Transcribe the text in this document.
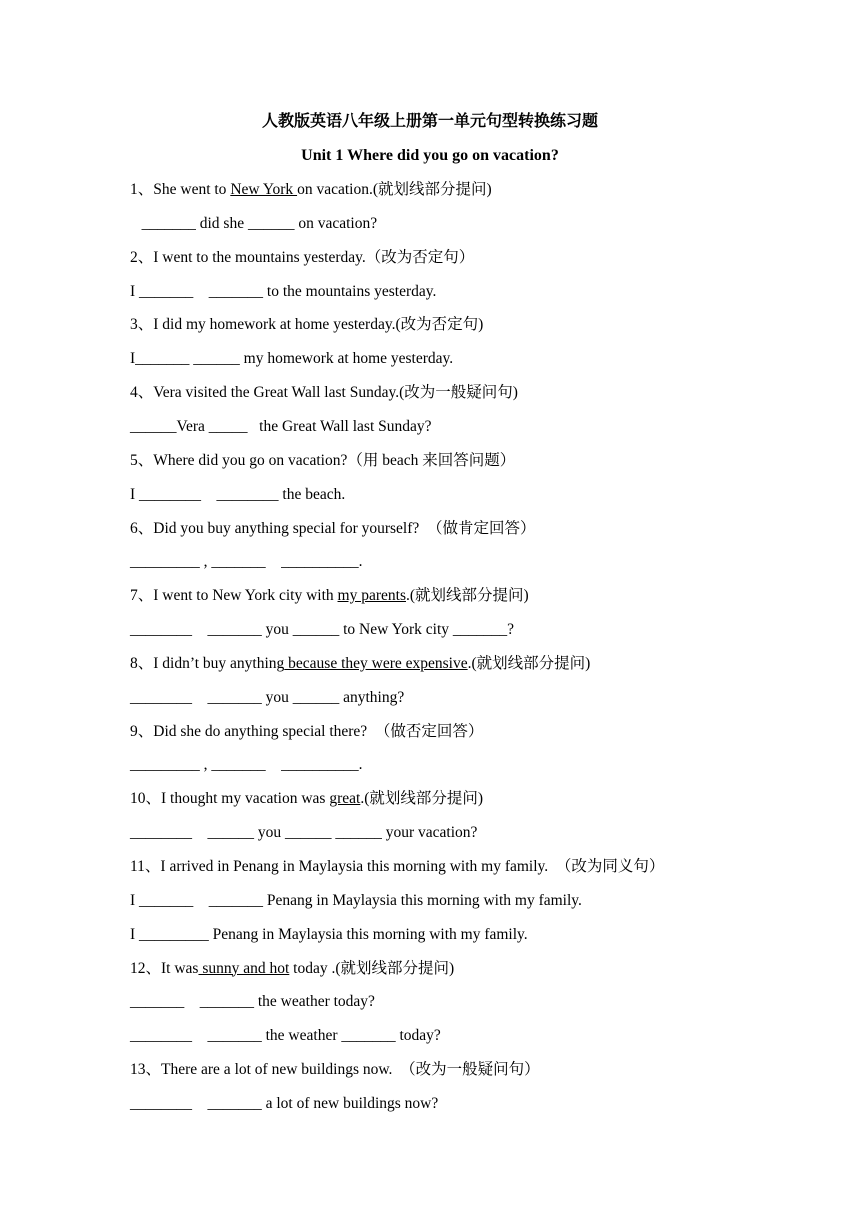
人教版英语八年级上册第一单元句型转换练习题
Unit 1 Where did you go on vacation?
1、She went to New York on vacation.(就划线部分提问)
_______ did she ______ on vacation?
2、I went to the mountains yesterday.（改为否定句）
I _______    _______ to the mountains yesterday.
3、I did my homework at home yesterday.(改为否定句)
I_______ ______ my homework at home yesterday.
4、Vera visited the Great Wall last Sunday.(改为一般疑问句)
______Vera _____   the Great Wall last Sunday?
5、Where did you go on vacation?（用 beach 来回答问题）
I ________    ________ the beach.
6、Did you buy anything special for yourself?  （做肯定回答）
_________ , _______    __________.
7、I went to New York city with my parents.(就划线部分提问)
________    _______ you ______ to New York city _______?
8、I didn’t buy anything because they were expensive.(就划线部分提问)
________    _______ you ______ anything?
9、Did she do anything special there?  （做否定回答）
_________ , _______    __________.
10、I thought my vacation was great.(就划线部分提问)
________    ______ you ______ ______ your vacation?
11、I arrived in Penang in Maylaysia this morning with my family.  （改为同义句）
I _______    _______ Penang in Maylaysia this morning with my family.
I _________ Penang in Maylaysia this morning with my family.
12、It was sunny and hot today .(就划线部分提问)
_______    _______ the weather today?
________    _______ the weather _______ today?
13、There are a lot of new buildings now.  （改为一般疑问句）
________    _______ a lot of new buildings now?
